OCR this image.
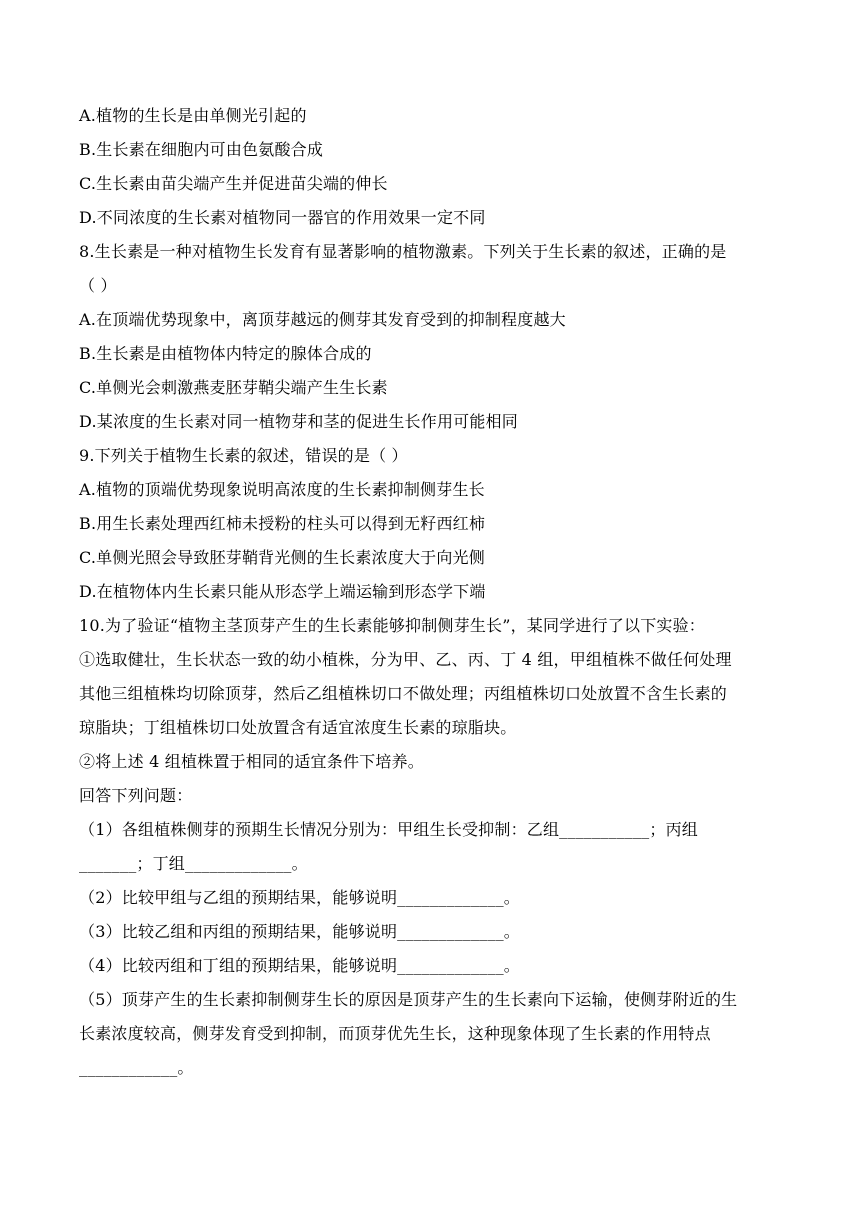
A.植物的生长是由单侧光引起的
B.生长素在细胞内可由色氨酸合成
C.生长素由苗尖端产生并促进苗尖端的伸长
D.不同浓度的生长素对植物同一器官的作用效果一定不同
8.生长素是一种对植物生长发育有显著影响的植物激素。下列关于生长素的叙述，正确的是
（ ）
A.在顶端优势现象中，离顶芽越远的侧芽其发育受到的抑制程度越大
B.生长素是由植物体内特定的腺体合成的
C.单侧光会刺激燕麦胚芽鞘尖端产生生长素
D.某浓度的生长素对同一植物芽和茎的促进生长作用可能相同
9.下列关于植物生长素的叙述，错误的是（ ）
A.植物的顶端优势现象说明高浓度的生长素抑制侧芽生长
B.用生长素处理西红柿未授粉的柱头可以得到无籽西红柿
C.单侧光照会导致胚芽鞘背光侧的生长素浓度大于向光侧
D.在植物体内生长素只能从形态学上端运输到形态学下端
10.为了验证“植物主茎顶芽产生的生长素能够抑制侧芽生长”，某同学进行了以下实验：
①选取健壮，生长状态一致的幼小植株，分为甲、乙、丙、丁 4 组，甲组植株不做任何处理
其他三组植株均切除顶芽，然后乙组植株切口不做处理；丙组植株切口处放置不含生长素的
琼脂块；丁组植株切口处放置含有适宜浓度生长素的琼脂块。
②将上述 4 组植株置于相同的适宜条件下培养。
回答下列问题：
（1）各组植株侧芽的预期生长情况分别为：甲组生长受抑制：乙组___________；丙组
_______；丁组_____________。
（2）比较甲组与乙组的预期结果，能够说明_____________。
（3）比较乙组和丙组的预期结果，能够说明_____________。
（4）比较丙组和丁组的预期结果，能够说明_____________。
（5）顶芽产生的生长素抑制侧芽生长的原因是顶芽产生的生长素向下运输，使侧芽附近的生
长素浓度较高，侧芽发育受到抑制，而顶芽优先生长，这种现象体现了生长素的作用特点
____________。
